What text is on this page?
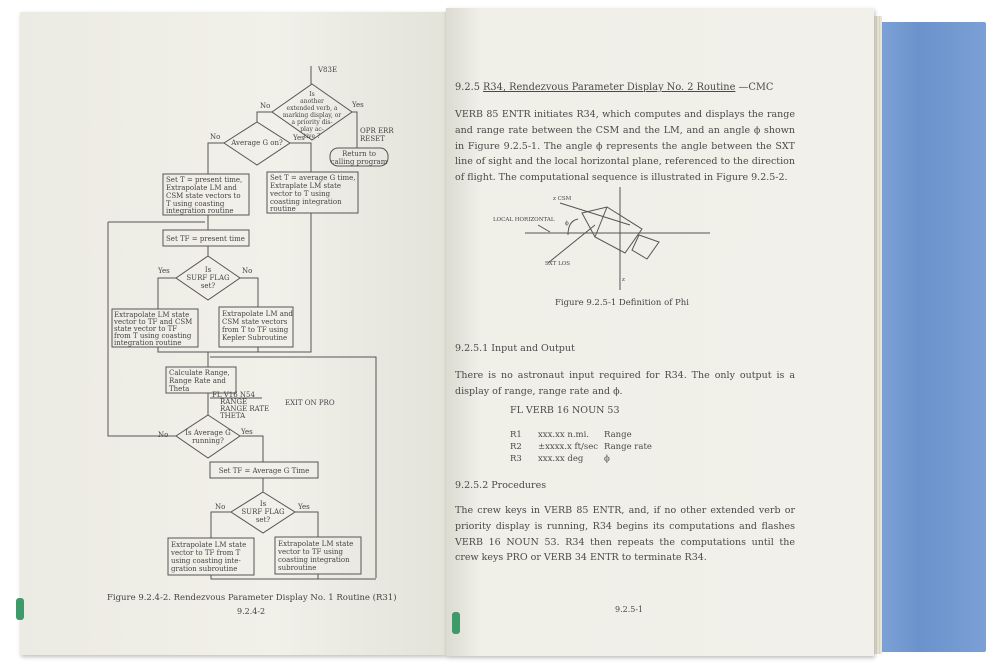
V83E
Is
another
extended verb, a
marking display, or
a priority dis-
play ac-
tive ?
No	Yes
OPR ERR
RESET
Return to
calling program
Average G on?
No	Yes
Set T = present time,
Extrapolate LM and
CSM state vectors to
T using coasting
integration routine
Set T = average G time,
Extraplate LM state
vector to T using
coasting integration
routine
Set TF = present time
Is
SURF FLAG
set?
Yes	No
Extrapolate LM state
vector to TF and CSM
state vector to TF
from T using coasting
integration routine
Extrapolate LM and
CSM state vectors
from T to TF using
Kepler Subroutine
Calculate Range,
Range Rate and
Theta
FL V16 N54
RANGE
RANGE RATE
THETA
EXIT ON PRO
Is Average G
running?
Set TF = Average G Time
Is
SURF FLAG
set?
No	Yes
No	Yes
Extrapolate LM state
vector to TF from T
using coasting inte-
gration subroutine
Extrapolate LM state
vector to TF using
coasting integration
subroutine
Figure 9.2.4-2. Rendezvous Parameter Display No. 1 Routine (R31)
9.2.4-2
9.2.5 R34, Rendezvous Parameter Display No. 2 Routine —CMC
VERB 85 ENTR initiates R34, which computes and displays the range and range rate between the CSM and the LM, and an angle ϕ shown in Figure 9.2.5-1. The angle ϕ represents the angle between the SXT line of sight and the local horizontal plane, referenced to the direction of flight. The computational sequence is illustrated in Figure 9.2.5-2.
LOCAL HORIZONTAL
z CSM
SXT LOS
ϕ
z
Figure 9.2.5-1 Definition of Phi
9.2.5.1 Input and Output
There is no astronaut input required for R34. The only output is a display of range, range rate and ϕ.
FL VERB 16 NOUN 53
R1 xxx.xx n.mi. Range
R2 ±xxxx.x ft/sec Range rate
R3 xxx.xx deg ϕ
9.2.5.2 Procedures
The crew keys in VERB 85 ENTR, and, if no other extended verb or priority display is running, R34 begins its computations and flashes VERB 16 NOUN 53. R34 then repeats the computations until the crew keys PRO or VERB 34 ENTR to terminate R34.
9.2.5-1
